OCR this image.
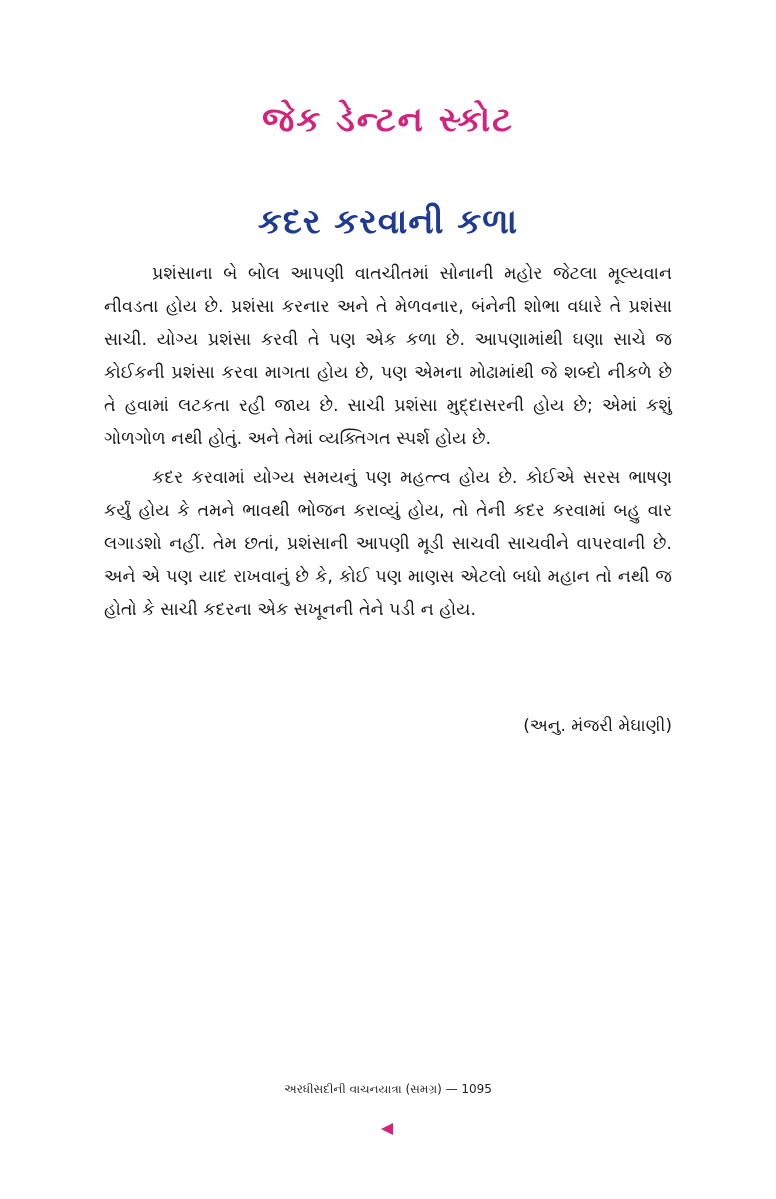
જેક ડેન્ટન સ્કોટ
કદર કરવાની કળા

પ્રશંસાના બે બોલ આપણી વાતચીતમાં સોનાની મહોર જેટલા મૂલ્યવાન નીવડતા હોય છે. પ્રશંસા કરનાર અને તે મેળવનાર, બંનેની શોભા વધારે તે પ્રશંસા સાચી. યોગ્ય પ્રશંસા કરવી તે પણ એક કળા છે. આપણામાંથી ઘણા સાચે જ કોઈકની પ્રશંસા કરવા માગતા હોય છે, પણ એમના મોઢામાંથી જે શબ્દો નીકળે છે તે હવામાં લટકતા રહી જાય છે. સાચી પ્રશંસા મુદ્દાસરની હોય છે; એમાં કશું ગોળગોળ નથી હોતું. અને તેમાં વ્યક્તિગત સ્પર્શ હોય છે.

કદર કરવામાં યોગ્ય સમયનું પણ મહત્ત્વ હોય છે. કોઈએ સરસ ભાષણ કર્યું હોય કે તમને ભાવથી ભોજન કરાવ્યું હોય, તો તેની કદર કરવામાં બહુ વાર લગાડશો નહીં. તેમ છતાં, પ્રશંસાની આપણી મૂડી સાચવી સાચવીને વાપરવાની છે. અને એ પણ યાદ રાખવાનું છે કે, કોઈ પણ માણસ એટલો બધો મહાન તો નથી જ હોતો કે સાચી કદરના એક સખૂનની તેને પડી ન હોય.

(અનુ. મંજરી મેઘાણી)
અરધીસદીની વાચનયાત્રા (સમગ્ર) — 1095
